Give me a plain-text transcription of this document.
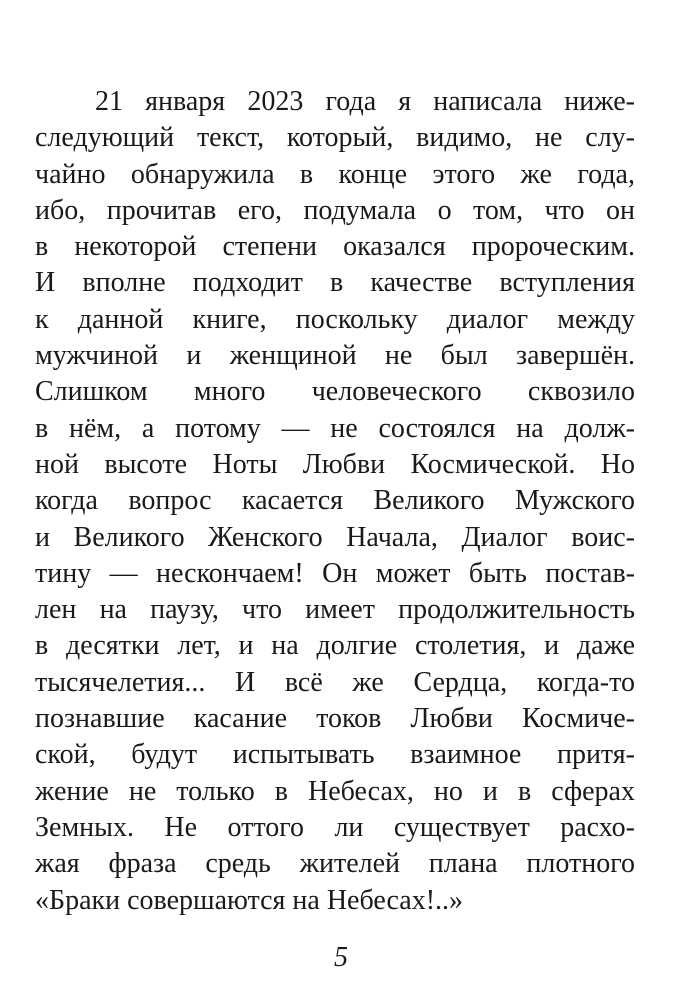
21 января 2023 года я написала ниже-
следующий текст, который, видимо, не слу-
чайно обнаружила в конце этого же года,
ибо, прочитав его, подумала о том, что он
в некоторой степени оказался пророческим.
И вполне подходит в качестве вступления
к данной книге, поскольку диалог между
мужчиной и женщиной не был завершён.
Слишком много человеческого сквозило
в нём, а потому — не состоялся на долж-
ной высоте Ноты Любви Космической. Но
когда вопрос касается Великого Мужского
и Великого Женского Начала, Диалог воис-
тину — нескончаем! Он может быть постав-
лен на паузу, что имеет продолжительность
в десятки лет, и на долгие столетия, и даже
тысячелетия... И всё же Сердца, когда-то
познавшие касание токов Любви Космиче-
ской, будут испытывать взаимное притя-
жение не только в Небесах, но и в сферах
Земных. Не оттого ли существует расхо-
жая фраза средь жителей плана плотного
«Браки совершаются на Небесах!..»
5
